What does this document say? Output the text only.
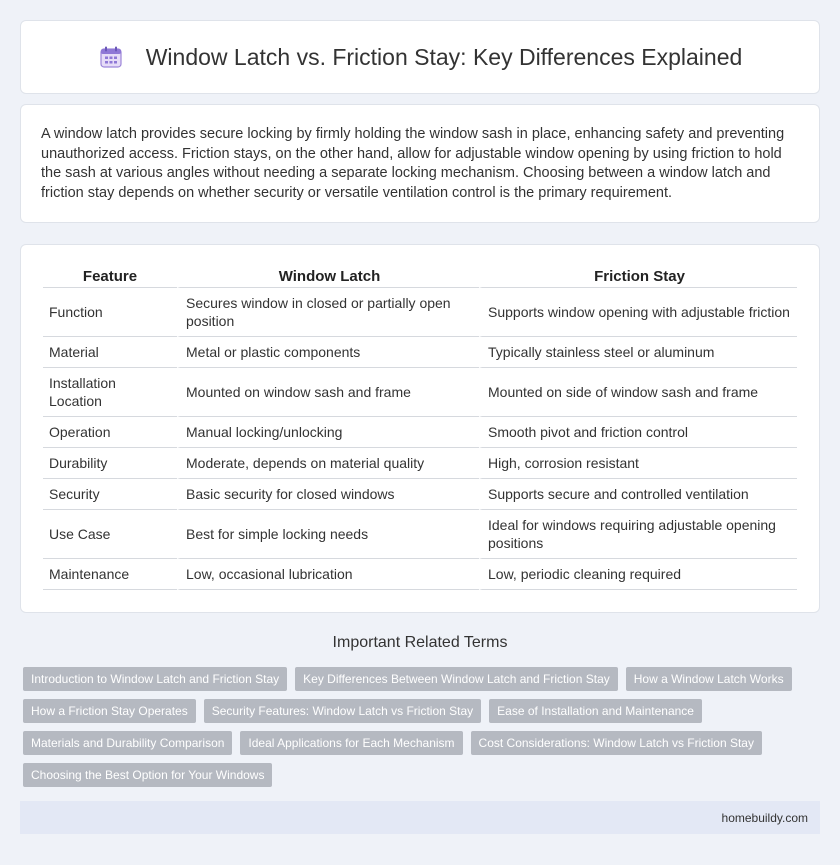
Window Latch vs. Friction Stay: Key Differences Explained

A window latch provides secure locking by firmly holding the window sash in place, enhancing safety and preventing unauthorized access. Friction stays, on the other hand, allow for adjustable window opening by using friction to hold the sash at various angles without needing a separate locking mechanism. Choosing between a window latch and friction stay depends on whether security or versatile ventilation control is the primary requirement.

Feature	Window Latch	Friction Stay
Function	Secures window in closed or partially open position	Supports window opening with adjustable friction
Material	Metal or plastic components	Typically stainless steel or aluminum
Installation Location	Mounted on window sash and frame	Mounted on side of window sash and frame
Operation	Manual locking/unlocking	Smooth pivot and friction control
Durability	Moderate, depends on material quality	High, corrosion resistant
Security	Basic security for closed windows	Supports secure and controlled ventilation
Use Case	Best for simple locking needs	Ideal for windows requiring adjustable opening positions
Maintenance	Low, occasional lubrication	Low, periodic cleaning required
Important Related Terms
Introduction to Window Latch and Friction Stay	Key Differences Between Window Latch and Friction Stay	How a Window Latch Works
How a Friction Stay Operates	Security Features: Window Latch vs Friction Stay	Ease of Installation and Maintenance
Materials and Durability Comparison	Ideal Applications for Each Mechanism	Cost Considerations: Window Latch vs Friction Stay
Choosing the Best Option for Your Windows
homebuildy.com
